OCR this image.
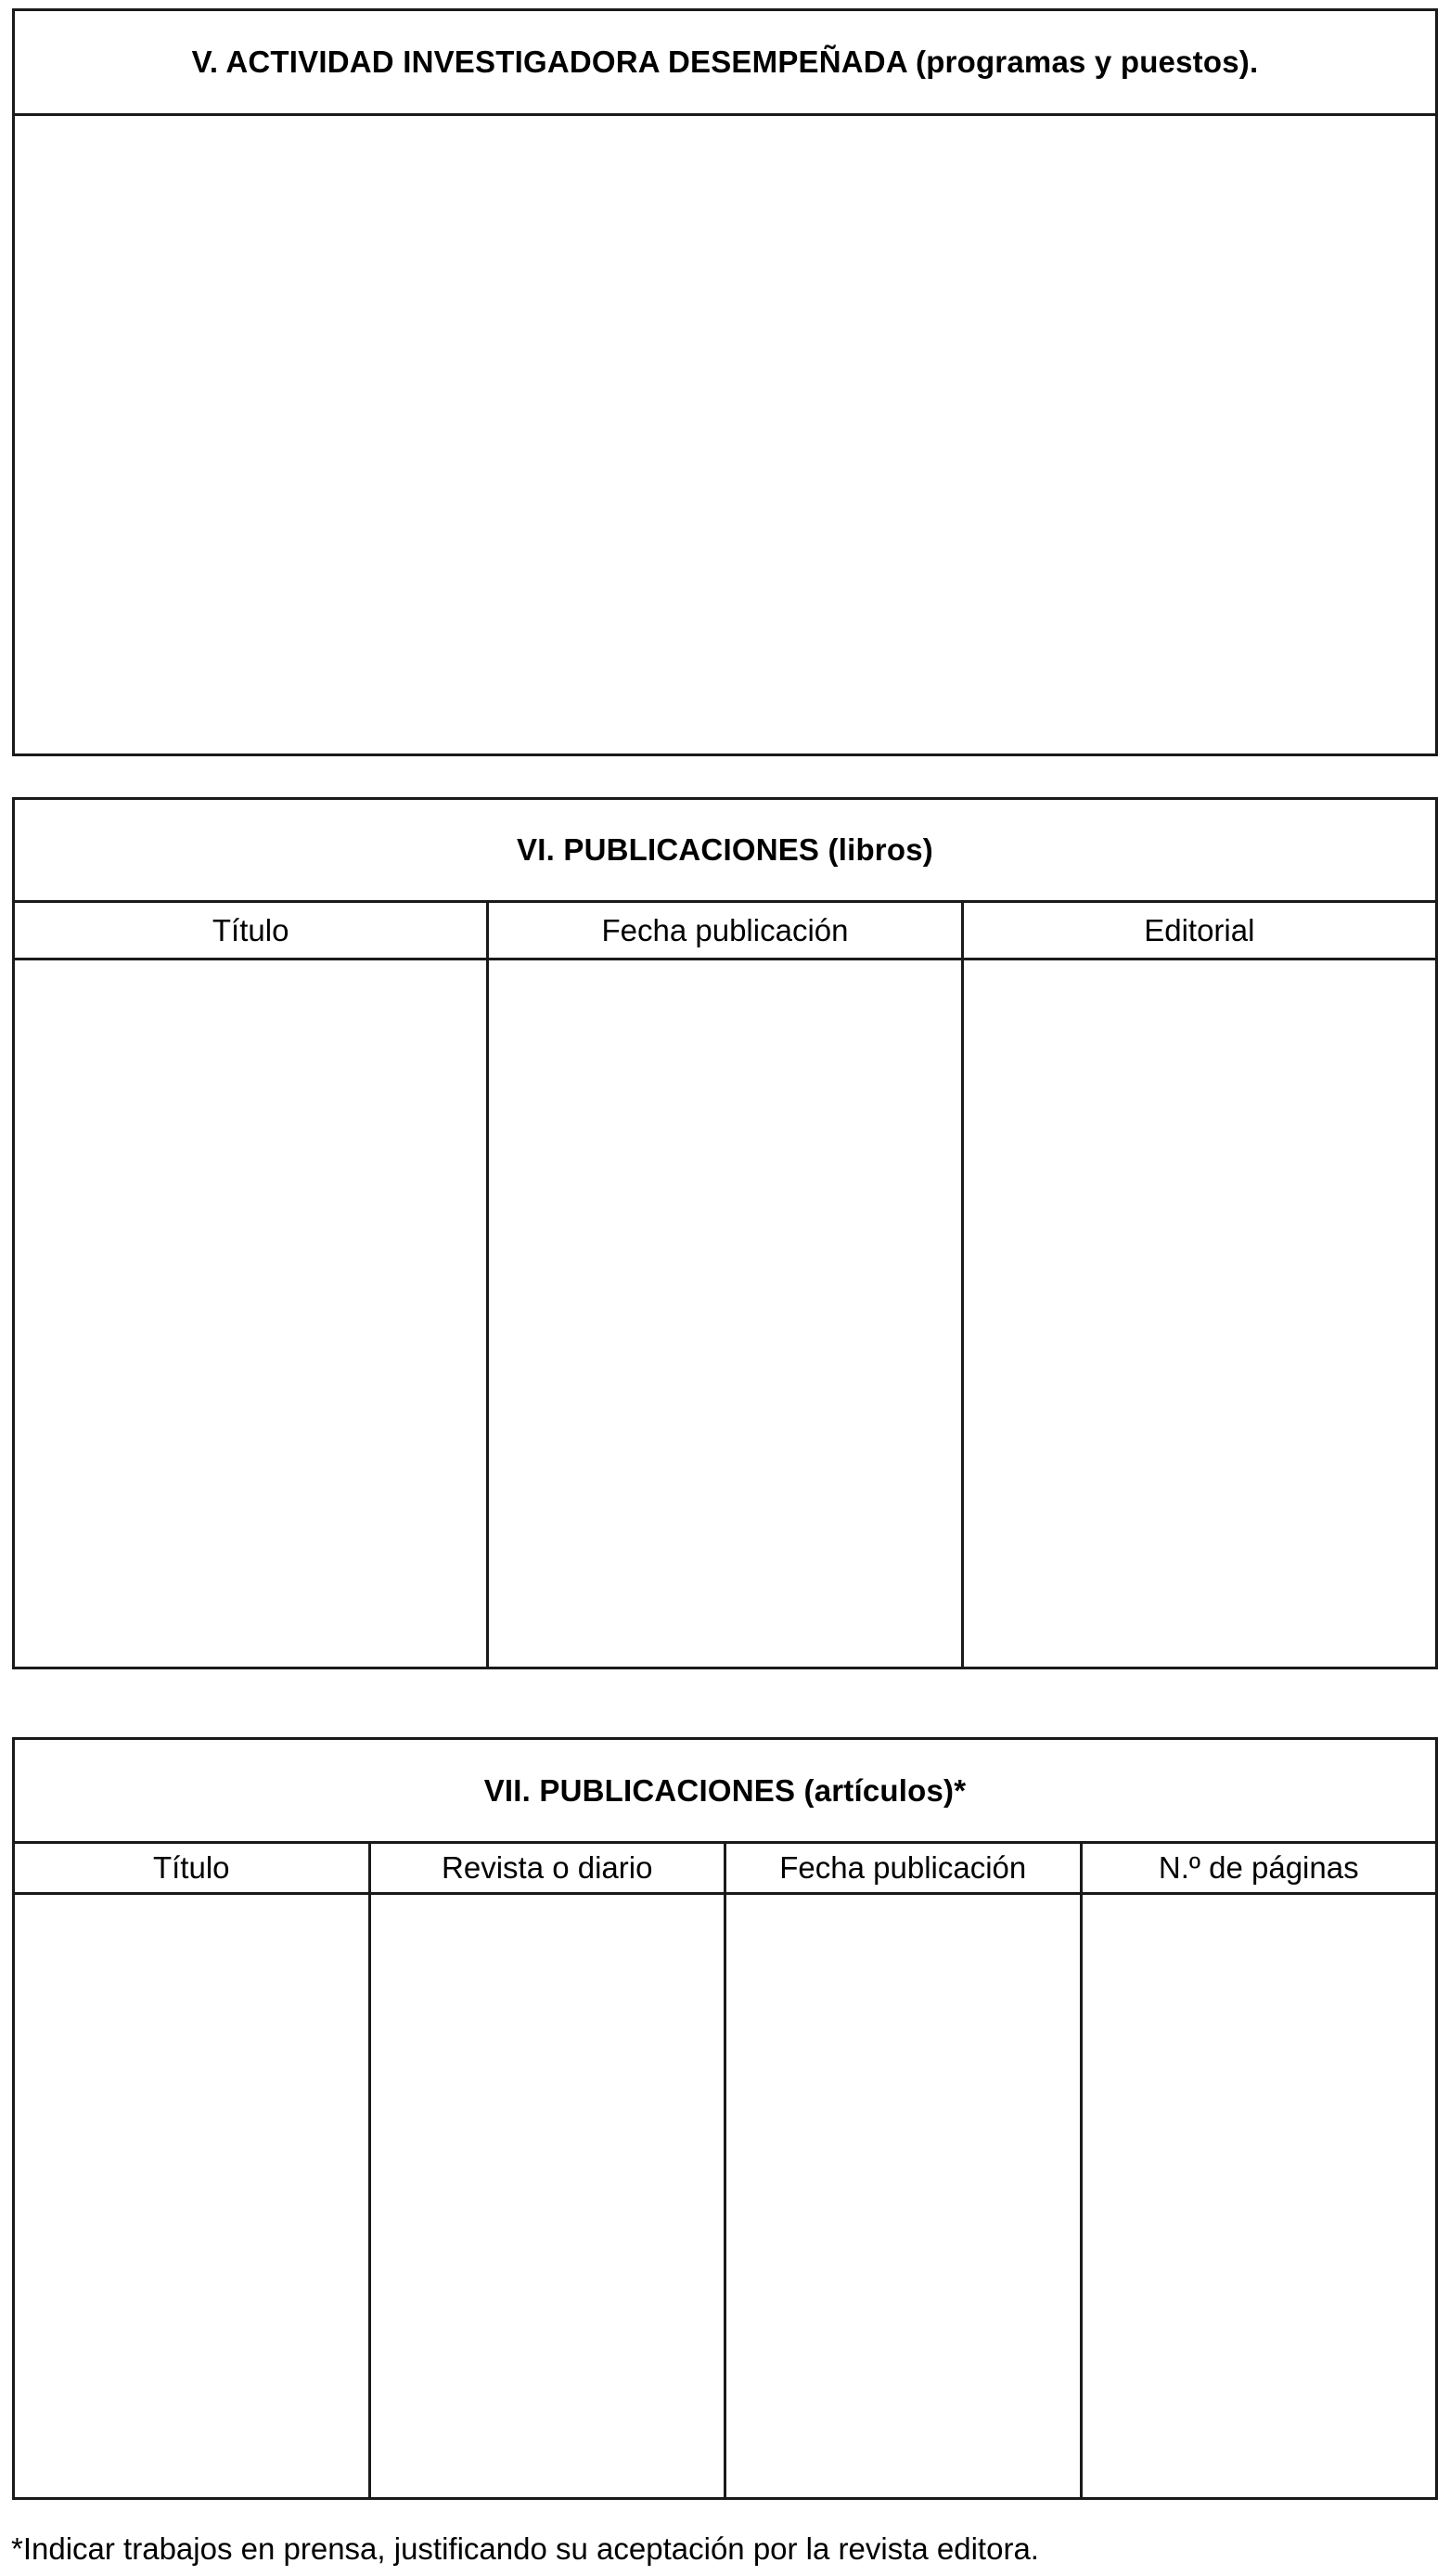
V. ACTIVIDAD INVESTIGADORA DESEMPEÑADA (programas y puestos).
VI. PUBLICACIONES (libros)
Título	Fecha publicación	Editorial
VII. PUBLICACIONES (artículos)*
Título	Revista o diario	Fecha publicación	N.º de páginas
*Indicar trabajos en prensa, justificando su aceptación por la revista editora.
